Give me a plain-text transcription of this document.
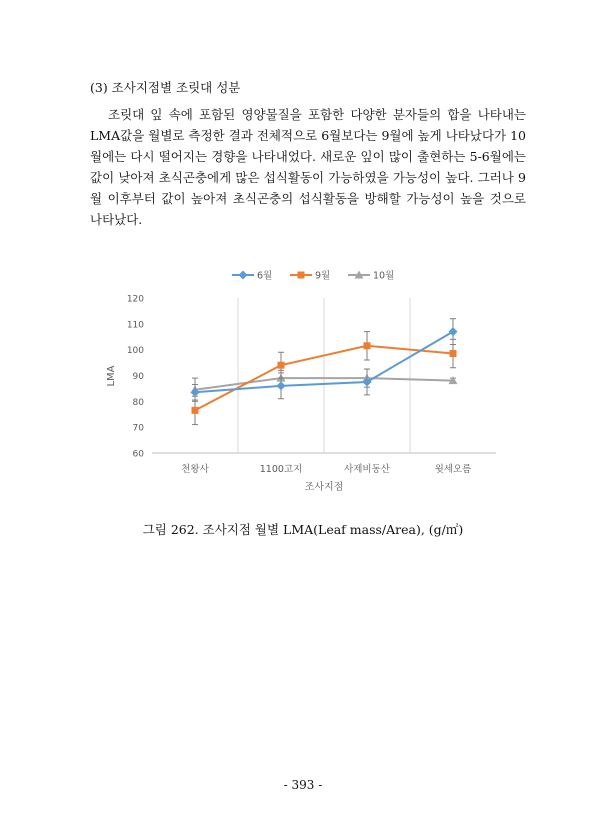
(3) 조사지점별 조릿대 성분

조릿대 잎 속에 포함된 영양물질을 포함한 다양한 분자들의 합을 나타내는 LMA값을 월별로 측정한 결과 전체적으로 6월보다는 9월에 높게 나타났다가 10월에는 다시 떨어지는 경향을 나타내었다. 새로운 잎이 많이 출현하는 5-6월에는 값이 낮아져 초식곤충에게 많은 섭식활동이 가능하였을 가능성이 높다. 그러나 9월 이후부터 값이 높아져 초식곤충의 섭식활동을 방해할 가능성이 높을 것으로 나타났다.

6월	9월	10월
60
70
80
90
100
110
120
천왕사	1100고지	사제비동산	윗세오름
LMA
조사지점
그림 262. 조사지점 월별 LMA(Leaf mass/Area), (g/㎡)
- 393 -
